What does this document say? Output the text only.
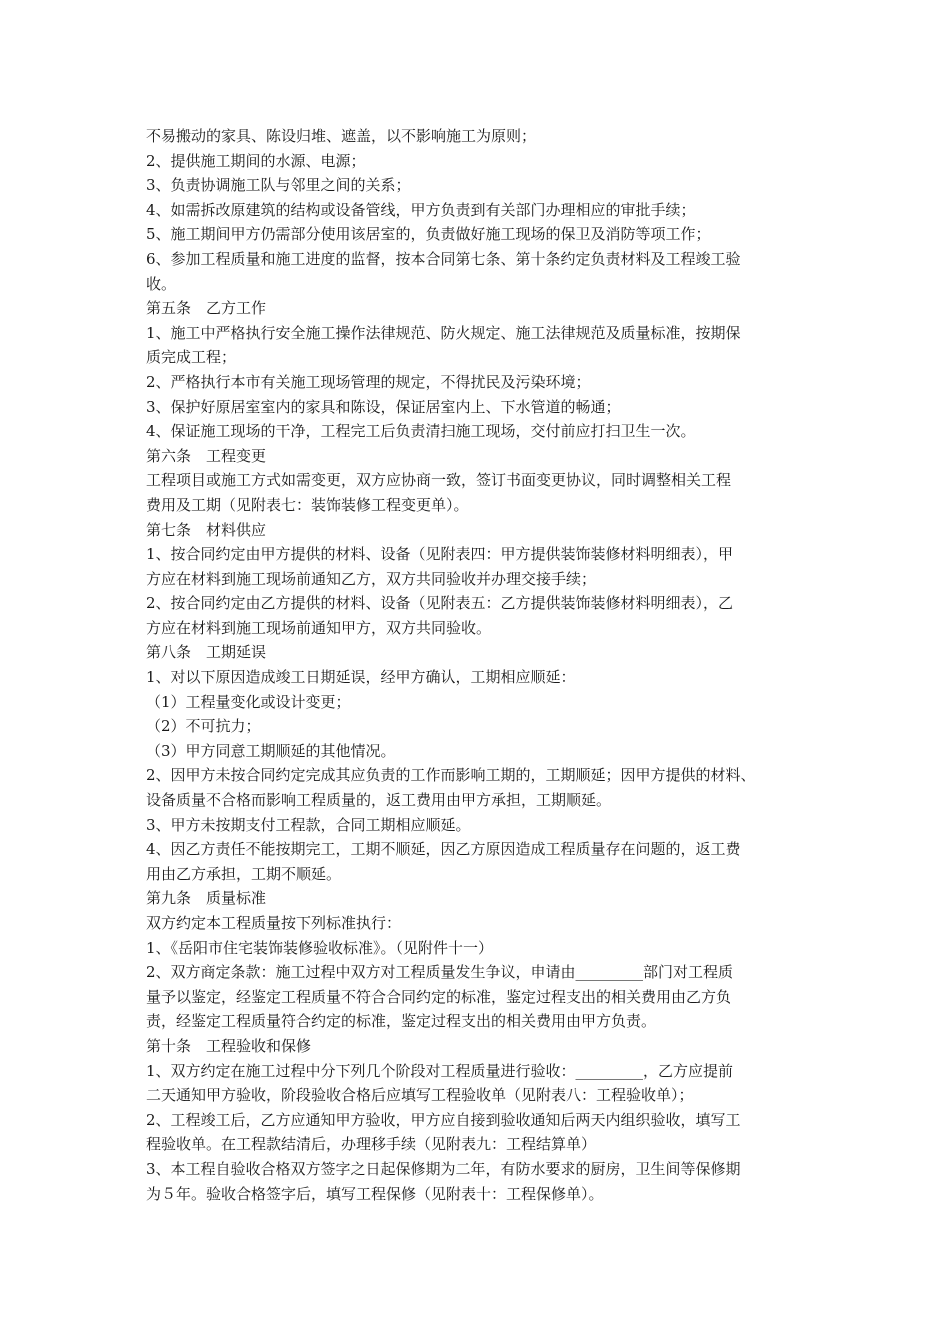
不易搬动的家具、陈设归堆、遮盖，以不影响施工为原则；
2、提供施工期间的水源、电源；
3、负责协调施工队与邻里之间的关系；
4、如需拆改原建筑的结构或设备管线，甲方负责到有关部门办理相应的审批手续；
5、施工期间甲方仍需部分使用该居室的，负责做好施工现场的保卫及消防等项工作；
6、参加工程质量和施工进度的监督，按本合同第七条、第十条约定负责材料及工程竣工验
收。
第五条　乙方工作
1、施工中严格执行安全施工操作法律规范、防火规定、施工法律规范及质量标准，按期保
质完成工程；
2、严格执行本市有关施工现场管理的规定，不得扰民及污染环境；
3、保护好原居室室内的家具和陈设，保证居室内上、下水管道的畅通；
4、保证施工现场的干净，工程完工后负责清扫施工现场，交付前应打扫卫生一次。
第六条　工程变更
工程项目或施工方式如需变更，双方应协商一致，签订书面变更协议，同时调整相关工程
费用及工期（见附表七：装饰装修工程变更单）。
第七条　材料供应
1、按合同约定由甲方提供的材料、设备（见附表四：甲方提供装饰装修材料明细表），甲
方应在材料到施工现场前通知乙方，双方共同验收并办理交接手续；
2、按合同约定由乙方提供的材料、设备（见附表五：乙方提供装饰装修材料明细表），乙
方应在材料到施工现场前通知甲方，双方共同验收。
第八条　工期延误
1、对以下原因造成竣工日期延误，经甲方确认，工期相应顺延：
（1）工程量变化或设计变更；
（2）不可抗力；
（3）甲方同意工期顺延的其他情况。
2、因甲方未按合同约定完成其应负责的工作而影响工期的，工期顺延；因甲方提供的材料、
设备质量不合格而影响工程质量的，返工费用由甲方承担，工期顺延。
3、甲方未按期支付工程款，合同工期相应顺延。
4、因乙方责任不能按期完工，工期不顺延，因乙方原因造成工程质量存在问题的，返工费
用由乙方承担，工期不顺延。
第九条　质量标准
双方约定本工程质量按下列标准执行：
1、《岳阳市住宅装饰装修验收标准》。（见附件十一）
2、双方商定条款：施工过程中双方对工程质量发生争议，申请由_________部门对工程质
量予以鉴定，经鉴定工程质量不符合合同约定的标准，鉴定过程支出的相关费用由乙方负
责，经鉴定工程质量符合约定的标准，鉴定过程支出的相关费用由甲方负责。
第十条　工程验收和保修
1、双方约定在施工过程中分下列几个阶段对工程质量进行验收：_________，乙方应提前
二天通知甲方验收，阶段验收合格后应填写工程验收单（见附表八：工程验收单）；
2、工程竣工后，乙方应通知甲方验收，甲方应自接到验收通知后两天内组织验收，填写工
程验收单。在工程款结清后，办理移手续（见附表九：工程结算单）
3、本工程自验收合格双方签字之日起保修期为二年，有防水要求的厨房，卫生间等保修期
为５年。验收合格签字后，填写工程保修（见附表十：工程保修单）。
